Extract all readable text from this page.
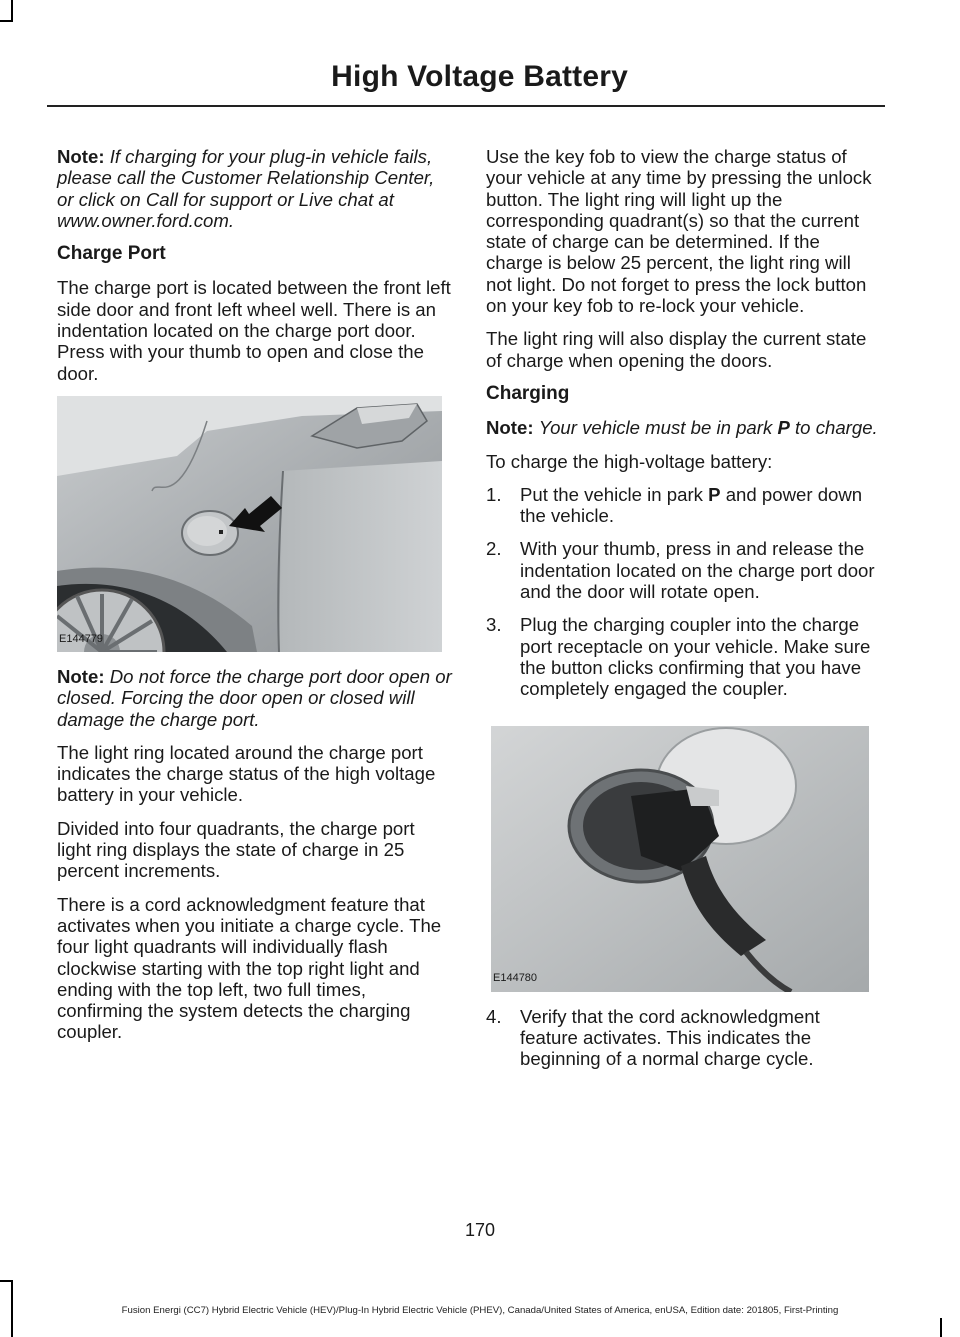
High Voltage Battery

Note: If charging for your plug-in vehicle fails, please call the Customer Relationship Center, or click on Call for support or Live chat at www.owner.ford.com.

Charge Port

The charge port is located between the front left side door and front left wheel well. There is an indentation located on the charge port door. Press with your thumb to open and close the door.

E144779

Note: Do not force the charge port door open or closed. Forcing the door open or closed will damage the charge port.

The light ring located around the charge port indicates the charge status of the high voltage battery in your vehicle.

Divided into four quadrants, the charge port light ring displays the state of charge in 25 percent increments.

There is a cord acknowledgment feature that activates when you initiate a charge cycle. The four light quadrants will individually flash clockwise starting with the top right light and ending with the top left, two full times, confirming the system detects the charging coupler.

Use the key fob to view the charge status of your vehicle at any time by pressing the unlock button. The light ring will light up the corresponding quadrant(s) so that the current state of charge can be determined. If the charge is below 25 percent, the light ring will not light. Do not forget to press the lock button on your key fob to re-lock your vehicle.

The light ring will also display the current state of charge when opening the doors.

Charging

Note: Your vehicle must be in park P to charge.

To charge the high-voltage battery:

1. Put the vehicle in park P and power down the vehicle.
2. With your thumb, press in and release the indentation located on the charge port door and the door will rotate open.
3. Plug the charging coupler into the charge port receptacle on your vehicle. Make sure the button clicks confirming that you have completely engaged the coupler.
E144780
4. Verify that the cord acknowledgment feature activates. This indicates the beginning of a normal charge cycle.
170
Fusion Energi (CC7) Hybrid Electric Vehicle (HEV)/Plug-In Hybrid Electric Vehicle (PHEV), Canada/United States of America, enUSA, Edition date: 201805, First-Printing
